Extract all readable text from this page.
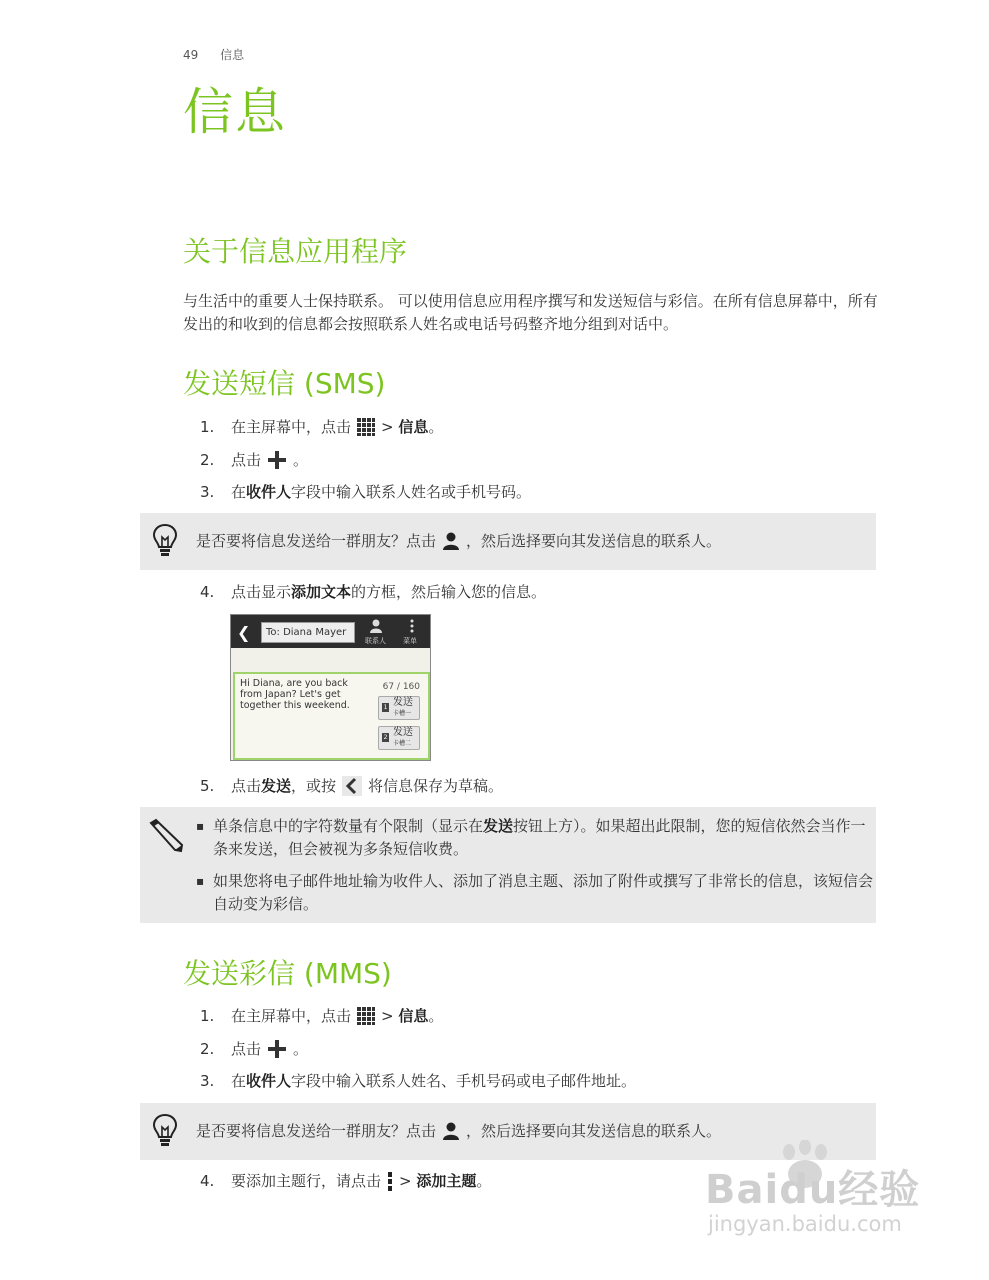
49 信息
信息
关于信息应用程序
与生活中的重要人士保持联系。 可以使用信息应用程序撰写和发送短信与彩信。在所有信息屏幕中，所有发出的和收到的信息都会按照联系人姓名或电话号码整齐地分组到对话中。
发送短信 (SMS)
1.	在主屏幕中，点击 >
信息 。
2.	点击 。
3.	在 收件人 字段中输入联系人姓名或手机号码。
是否要将信息发送给一群朋友？点击 ，然后选择要向其发送信息的联系人。
4.	点击显示 添加文本 的方框，然后输入您的信息。
❮	To: Diana Mayer
联系人 菜单
Hi Diana, are you back from Japan? Let's get together this weekend.
67 / 160
1 发送
卡槽一
2 发送
卡槽二
5.	点击 发送 ，或按 将信息保存为草稿。
▪ 单条信息中的字符数量有个限制（显示在发送按钮上方）。如果超出此限制，您的短信依然会当作一条来发送，但会被视为多条短信收费。
▪ 如果您将电子邮件地址输为收件人、添加了消息主题、添加了附件或撰写了非常长的信息，该短信会自动变为彩信。
发送彩信 (MMS)
1.	在主屏幕中，点击 >
信息 。
2.	点击 。
3.	在 收件人 字段中输入联系人姓名、手机号码或电子邮件地址。
是否要将信息发送给一群朋友？点击 ，然后选择要向其发送信息的联系人。
4.	要添加主题行，请点击 >
添加主题 。	Baidu经验
jingyan.baidu.com
